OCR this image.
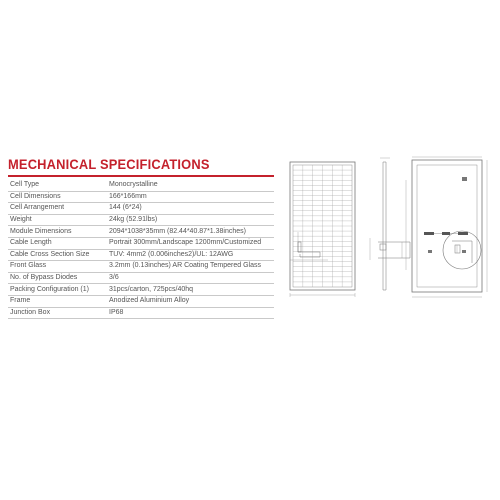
MECHANICAL SPECIFICATIONS
Cell Type	Monocrystalline
Cell Dimensions	166*166mm
Cell Arrangement	144 (6*24)
Weight	24kg (52.91lbs)
Module Dimensions	2094*1038*35mm (82.44*40.87*1.38inches)
Cable Length	Portrait 300mm/Landscape 1200mm/Customized
Cable Cross Section Size	TUV: 4mm2 (0.006inches2)/UL: 12AWG
Front Glass	3.2mm (0.13inches) AR Coating Tempered Glass
No. of Bypass Diodes	3/6
Packing Configuration (1)	31pcs/carton, 725pcs/40hq
Frame	Anodized Aluminium Alloy
Junction Box	IP68
